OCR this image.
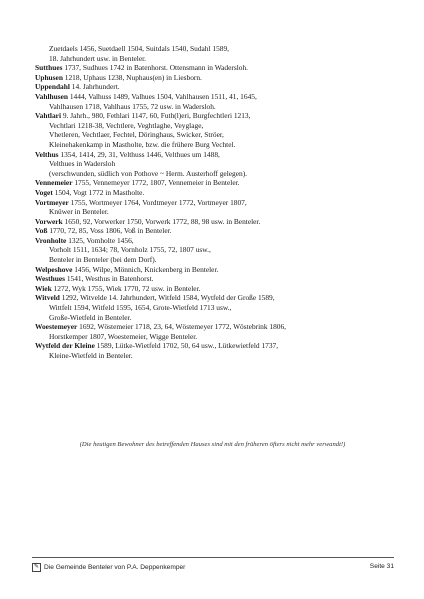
Zuetdaels 1456, Suetdaell 1504, Suitdals 1540, Sudahl 1589,

18. Jahrhundert usw. in Benteler.

Sutthues 1737, Sudhues 1742 in Batenhorst. Ottensmann in Wadersloh.

Uphusen 1218, Uphaus 1238, Nuphaus(en) in Liesborn.

Uppendahl 14. Jahrhundert.

Vahlhusen 1444, Valhuss 1489, Valhues 1504, Vahlhausen 1511, 41, 1645,

Vahlhausen 1718, Vahlhaus 1755, 72 usw. in Wadersloh.

Vahtlari 9. Jahrh., 980, Fethlari 1147, 60, Futh(l)eri, Burgfechtleri 1213,

Vechtlari 1218-38, Vechtlere, Veghtlaghe, Veyglage,

Vhetleren, Vechtlaer, Fechtel, Döringhaus, Swicker, Ströer,

Kleinehakenkamp in Mastholte, bzw. die frühere Burg Vechtel.

Velthus 1354, 1414, 29, 31, Velthuss 1446, Velthues um 1488,

Velthues in Wadersloh

(verschwunden, südlich von Pothove ~ Herm. Austerhoff gelegen).

Vennemeier 1755, Vennemeyer 1772, 1807, Vennemeier in Benteler.

Voget 1504, Vogt 1772 in Mastholte.

Vortmeyer 1755, Wortmeyer 1764, Vordtmeyer 1772, Vortmeyer 1807,

Knüwer in Benteler.

Vorwerk 1650, 92, Vorwerker 1750, Vorwerk 1772, 88, 98 usw. in Benteler.

Voß 1770, 72, 85, Voss 1806, Voß in Benteler.

Vronholte 1325, Vomholte 1456,

Vorholt 1511, 1634; 78, Vornholz 1755, 72, 1807 usw.,

Benteler in Benteler (bei dem Dorf).

Welpeshove 1456, Wilpe, Mönnich, Knickenberg in Benteler.

Westhues 1541, Westhus in Batenhorst.

Wiek 1272, Wyk 1755, Wiek 1770, 72 usw. in Benteler.

Witveld 1292, Witvelde 14. Jahrhundert, Witfeld 1584, Wytfeld der Große 1589,

Wittfelt 1594, Witfeld 1595, 1654, Grote-Wietfeld 1713 usw.,

Große-Wietfeld in Benteler.

Woestemeyer 1692, Wöstemeier 1718, 23, 64, Wöstemeyer 1772, Wöstebrink 1806,

Horstkemper 1807, Woestemeier, Wigge Benteler.

Wytfeld der Kleine 1589, Lütke-Wietfeld 1702, 50, 64 usw., Lütkewietfeld 1737,

Kleine-Wietfeld in Benteler.

(Die heutigen Bewohner des betreffenden Hauses sind mit den früheren öfters nicht mehr verwandt!)
✎ Die Gemeinde Benteler von P.A. Deppenkemper	Seite 31
